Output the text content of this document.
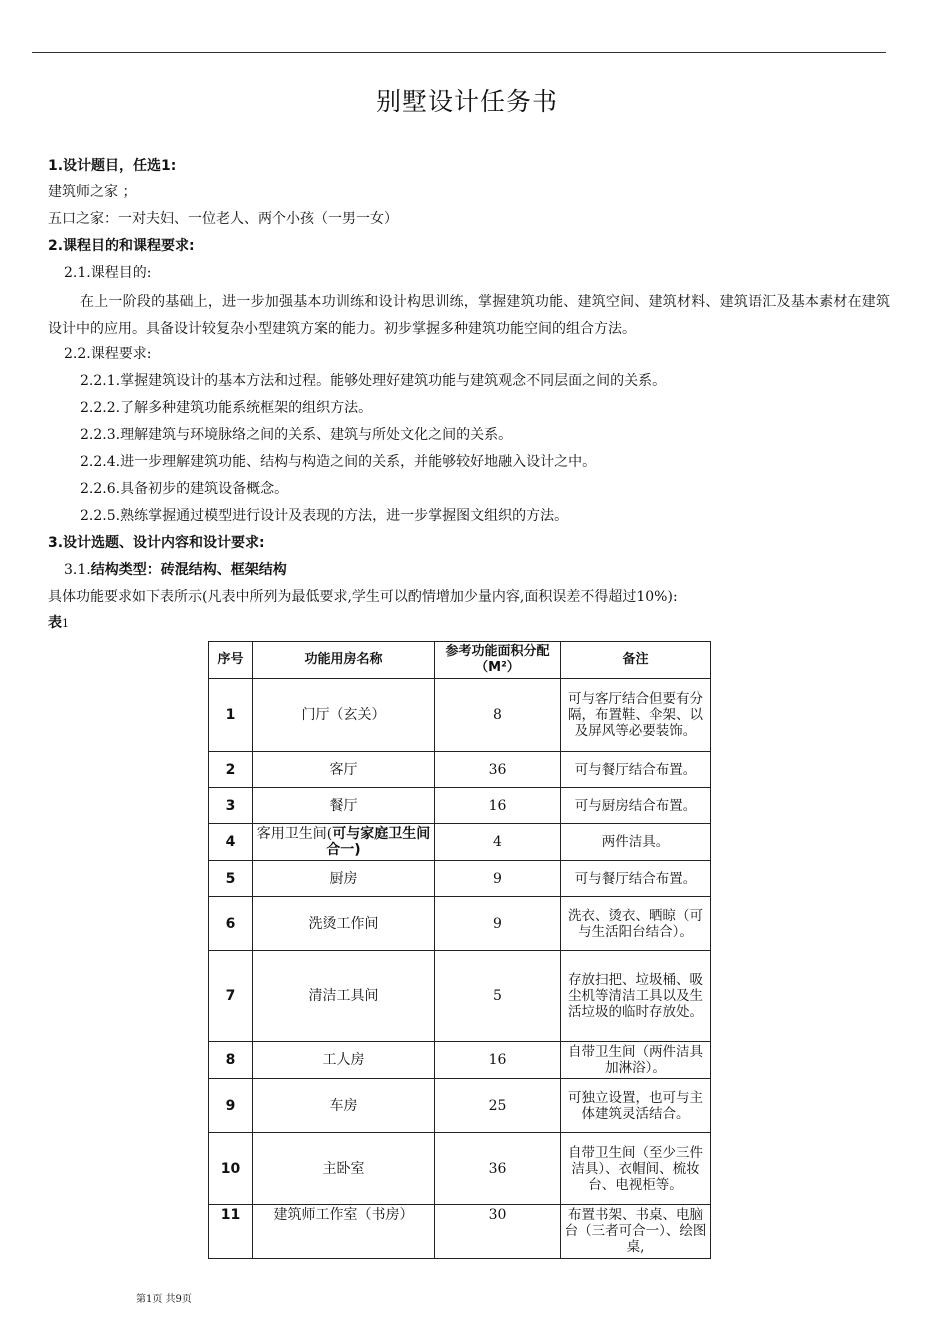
别墅设计任务书
1.设计题目，任选1:
建筑师之家 ；
五口之家：一对夫妇、一位老人、两个小孩（一男一女）
2.课程目的和课程要求:
2.1.课程目的:
在上一阶段的基础上，进一步加强基本功训练和设计构思训练，掌握建筑功能、建筑空间、建筑材料、建筑语汇及基本素材在建筑设计中的应用。具备设计较复杂小型建筑方案的能力。初步掌握多种建筑功能空间的组合方法。
2.2.课程要求:
2.2.1.掌握建筑设计的基本方法和过程。能够处理好建筑功能与建筑观念不同层面之间的关系。
2.2.2.了解多种建筑功能系统框架的组织方法。
2.2.3.理解建筑与环境脉络之间的关系、建筑与所处文化之间的关系。
2.2.4.进一步理解建筑功能、结构与构造之间的关系，并能够较好地融入设计之中。
2.2.6.具备初步的建筑设备概念。
2.2.5.熟练掌握通过模型进行设计及表现的方法，进一步掌握图文组织的方法。
3.设计选题、设计内容和设计要求:
3.1.结构类型：砖混结构、框架结构
具体功能要求如下表所示(凡表中所列为最低要求,学生可以酌情增加少量内容,面积误差不得超过10%):
表1
序号	功能用房名称	参考功能面积分配（M²）	备注
1	门厅（玄关）	8	可与客厅结合但要有分隔，布置鞋、伞架、以及屏风等必要装饰。
2	客厅	36	可与餐厅结合布置。
3	餐厅	16	可与厨房结合布置。
4	客用卫生间(可与家庭卫生间合一)	4	两件洁具。
5	厨房	9	可与餐厅结合布置。
6	洗烫工作间	9	洗衣、烫衣、晒晾（可与生活阳台结合）。
7	清洁工具间	5	存放扫把、垃圾桶、吸尘机等清洁工具以及生活垃圾的临时存放处。
8	工人房	16	自带卫生间（两件洁具加淋浴）。
9	车房	25	可独立设置，也可与主体建筑灵活结合。
10	主卧室	36	自带卫生间（至少三件洁具）、衣帽间、梳妆台、电视柜等。
11	建筑师工作室（书房）	30	布置书架、书桌、电脑台（三者可合一）、绘图桌,
第1页 共9页
